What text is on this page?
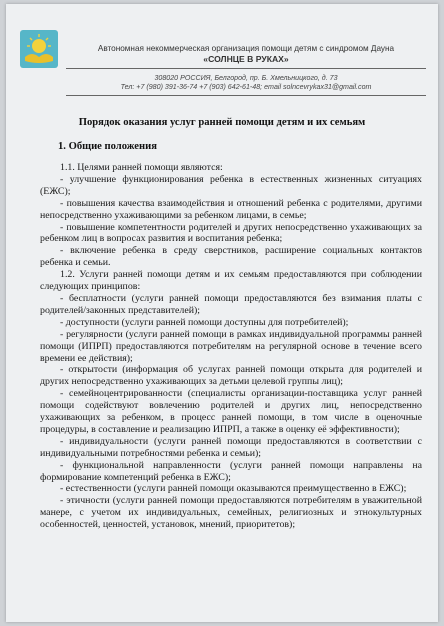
Автономная некоммерческая организация помощи детям с синдромом Дауна
«СОЛНЦЕ В РУКАХ»
308020 РОССИЯ, Белгород, пр. Б. Хмельницкого, д. 73
Тел: +7 (980) 391-36-74 +7 (903) 642-61-48; email solncevrykax31@gmail.com
Порядок оказания услуг ранней помощи детям и их семьям
1. Общие положения

1.1. Целями ранней помощи являются:

- улучшение функционирования ребенка в естественных жизненных ситуациях (ЕЖС);

- повышения качества взаимодействия и отношений ребенка с родителями, другими непосредственно ухаживающими за ребенком лицами, в семье;

- повышение компетентности родителей и других непосредственно ухаживающих за ребенком лиц в вопросах развития и воспитания ребенка;

- включение ребенка в среду сверстников, расширение социальных контактов ребенка и семьи.

1.2. Услуги ранней помощи детям и их семьям предоставляются при соблюдении следующих принципов:

- бесплатности (услуги ранней помощи предоставляются без взимания платы с родителей/законных представителей);

- доступности (услуги ранней помощи доступны для потребителей);

- регулярности (услуги ранней помощи в рамках индивидуальной программы ранней помощи (ИПРП) предоставляются потребителям на регулярной основе в течение всего времени ее действия);

- открытости (информация об услугах ранней помощи открыта для родителей и других непосредственно ухаживающих за детьми целевой группы лиц);

- семейноцентрированности (специалисты организации-поставщика услуг ранней помощи содействуют вовлечению родителей и других лиц, непосредственно ухаживающих за ребенком, в процесс ранней помощи, в том числе в оценочные процедуры, в составление и реализацию ИПРП, а также в оценку её эффективности);

- индивидуальности (услуги ранней помощи предоставляются в соответствии с индивидуальными потребностями ребенка и семьи);

- функциональной направленности (услуги ранней помощи направлены на формирование компетенций ребенка в ЕЖС);

- естественности (услуги ранней помощи оказываются преимущественно в ЕЖС);

- этичности (услуги ранней помощи предоставляются потребителям в уважительной манере, с учетом их индивидуальных, семейных, религиозных и этнокультурных особенностей, ценностей, установок, мнений, приоритетов);
